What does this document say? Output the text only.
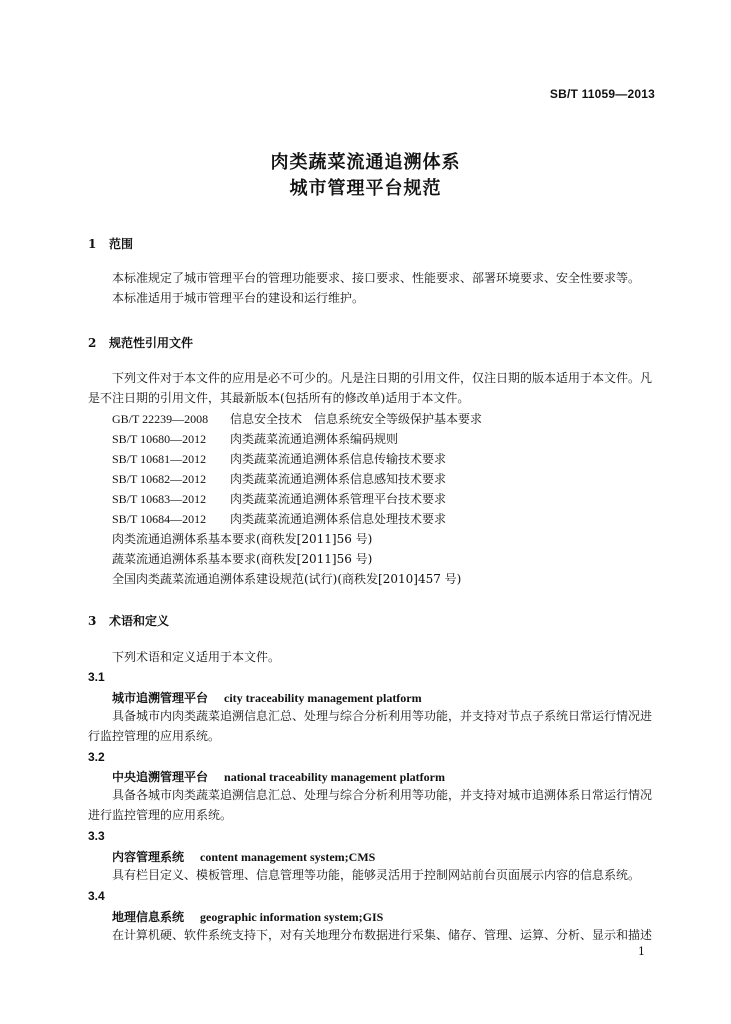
SB/T 11059—2013
肉类蔬菜流通追溯体系
城市管理平台规范
1 范围
本标准规定了城市管理平台的管理功能要求、接口要求、性能要求、部署环境要求、安全性要求等。
本标准适用于城市管理平台的建设和运行维护。
2 规范性引用文件
下列文件对于本文件的应用是必不可少的。凡是注日期的引用文件，仅注日期的版本适用于本文件。凡是不注日期的引用文件，其最新版本(包括所有的修改单)适用于本文件。
GB/T 22239—2008 信息安全技术　信息系统安全等级保护基本要求
SB/T 10680—2012 肉类蔬菜流通追溯体系编码规则
SB/T 10681—2012 肉类蔬菜流通追溯体系信息传输技术要求
SB/T 10682—2012 肉类蔬菜流通追溯体系信息感知技术要求
SB/T 10683—2012 肉类蔬菜流通追溯体系管理平台技术要求
SB/T 10684—2012 肉类蔬菜流通追溯体系信息处理技术要求
肉类流通追溯体系基本要求(商秩发[2011]56 号)
蔬菜流通追溯体系基本要求(商秩发[2011]56 号)
全国肉类蔬菜流通追溯体系建设规范(试行)(商秩发[2010]457 号)
3 术语和定义
下列术语和定义适用于本文件。
3.1
城市追溯管理平台 city traceability management platform
具备城市内肉类蔬菜追溯信息汇总、处理与综合分析利用等功能，并支持对节点子系统日常运行情况进行监控管理的应用系统。
3.2
中央追溯管理平台 national traceability management platform
具备各城市肉类蔬菜追溯信息汇总、处理与综合分析利用等功能，并支持对城市追溯体系日常运行情况进行监控管理的应用系统。
3.3
内容管理系统 content management system;CMS
具有栏目定义、模板管理、信息管理等功能，能够灵活用于控制网站前台页面展示内容的信息系统。
3.4
地理信息系统 geographic information system;GIS
在计算机硬、软件系统支持下，对有关地理分布数据进行采集、储存、管理、运算、分析、显示和描述
1
